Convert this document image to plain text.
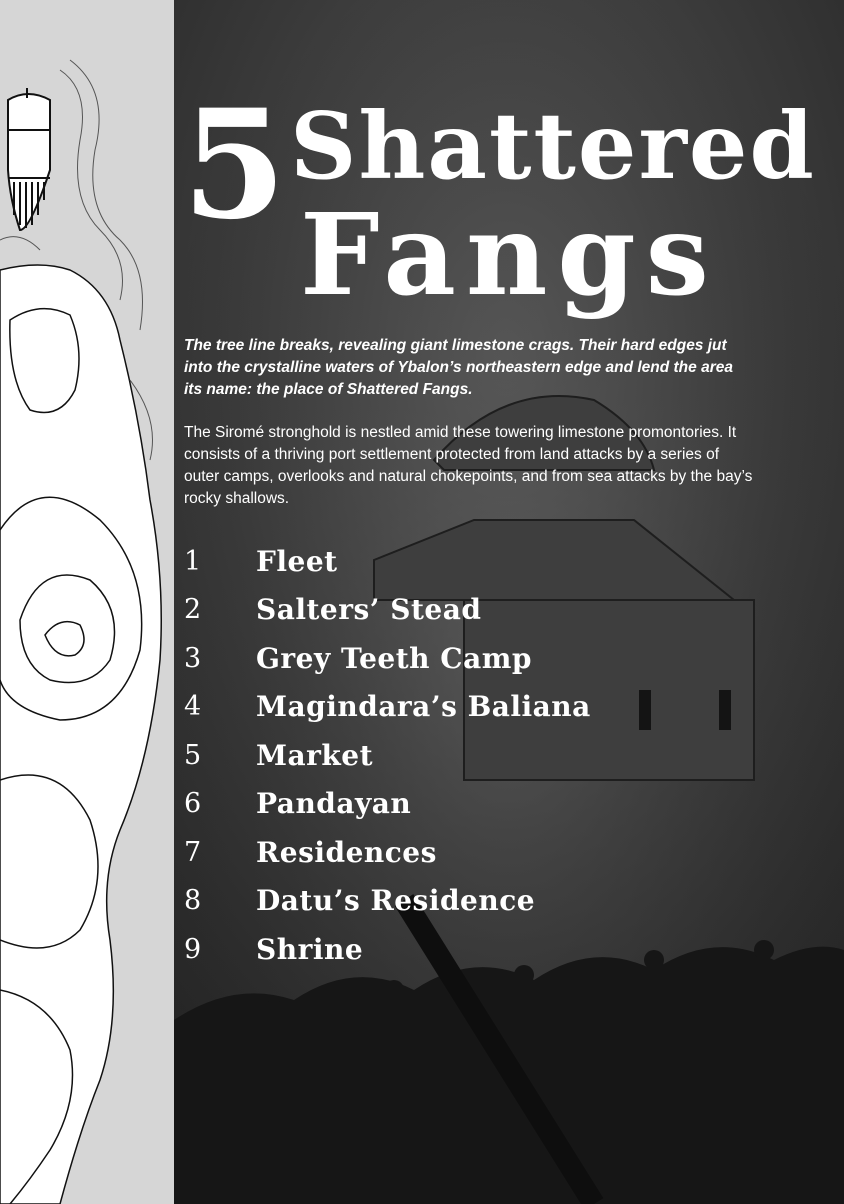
5 Shattered
Fangs

The tree line breaks, revealing giant limestone crags. Their hard edges jut into the crystalline waters of Ybalon’s northeastern edge and lend the area its name: the place of Shattered Fangs.

The Siromé stronghold is nestled amid these towering limestone promontories. It consists of a thriving port settlement protected from land attacks by a series of outer camps, overlooks and natural chokepoints, and from sea attacks by the bay’s rocky shallows.

1	Fleet
2	Salters’ Stead
3	Grey Teeth Camp
4	Magindara’s Baliana
5	Market
6	Pandayan
7	Residences
8	Datu’s Residence
9	Shrine
